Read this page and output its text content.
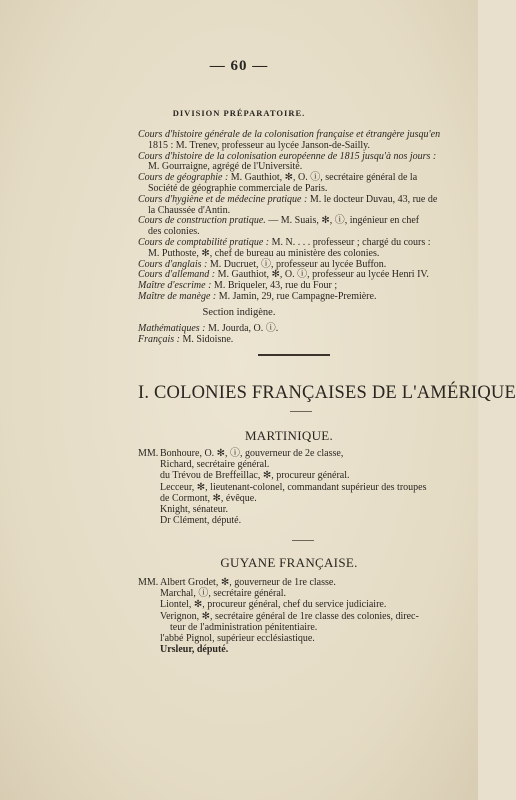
— 60 —
DIVISION PRÉPARATOIRE.

Cours d'histoire générale de la colonisation française et étrangère jusqu'en

1815 : M. Trenev, professeur au lycée Janson-de-Sailly.

Cours d'histoire de la colonisation européenne de 1815 jusqu'à nos jours :

M. Gourraigne, agrégé de l'Université.

Cours de géographie : M. Gauthiot, ✻, O. ⓘ, secrétaire général de la

Société de géographie commerciale de Paris.

Cours d'hygiène et de médecine pratique : M. le docteur Duvau, 43, rue de

la Chaussée d'Antin.

Cours de construction pratique. — M. Suais, ✻, ⓘ, ingénieur en chef

des colonies.

Cours de comptabilité pratique : M. N. . . . professeur ; chargé du cours :

M. Puthoste, ✻, chef de bureau au ministère des colonies.

Cours d'anglais : M. Ducruet, ⓘ, professeur au lycée Buffon.

Cours d'allemand : M. Gauthiot, ✻, O. ⓘ, professeur au lycée Henri IV.

Maître d'escrime : M. Briqueler, 43, rue du Four ;

Maître de manège : M. Jamin, 29, rue Campagne-Première.

Section indigène.

Mathématiques : M. Jourda, O. ⓘ.

Français : M. Sidoisne.

I. COLONIES FRANÇAISES DE L'AMÉRIQUE
MARTINIQUE.
MM. Bonhoure, O. ✻, ⓘ, gouverneur de 2e classe,
Richard, secrétaire général.
du Trévou de Breffeillac, ✻, procureur général.
Lecceur, ✻, lieutenant-colonel, commandant supérieur des troupes
de Cormont, ✻, évêque.
Knight, sénateur.
Dr Clément, député.
GUYANE FRANÇAISE.
MM. Albert Grodet, ✻, gouverneur de 1re classe.
Marchal, ⓘ, secrétaire général.
Liontel, ✻, procureur général, chef du service judiciaire.
Verignon, ✻, secrétaire général de 1re classe des colonies, direc-
teur de l'administration pénitentiaire.
l'abbé Pignol, supérieur ecclésiastique.
Ursleur, député.
